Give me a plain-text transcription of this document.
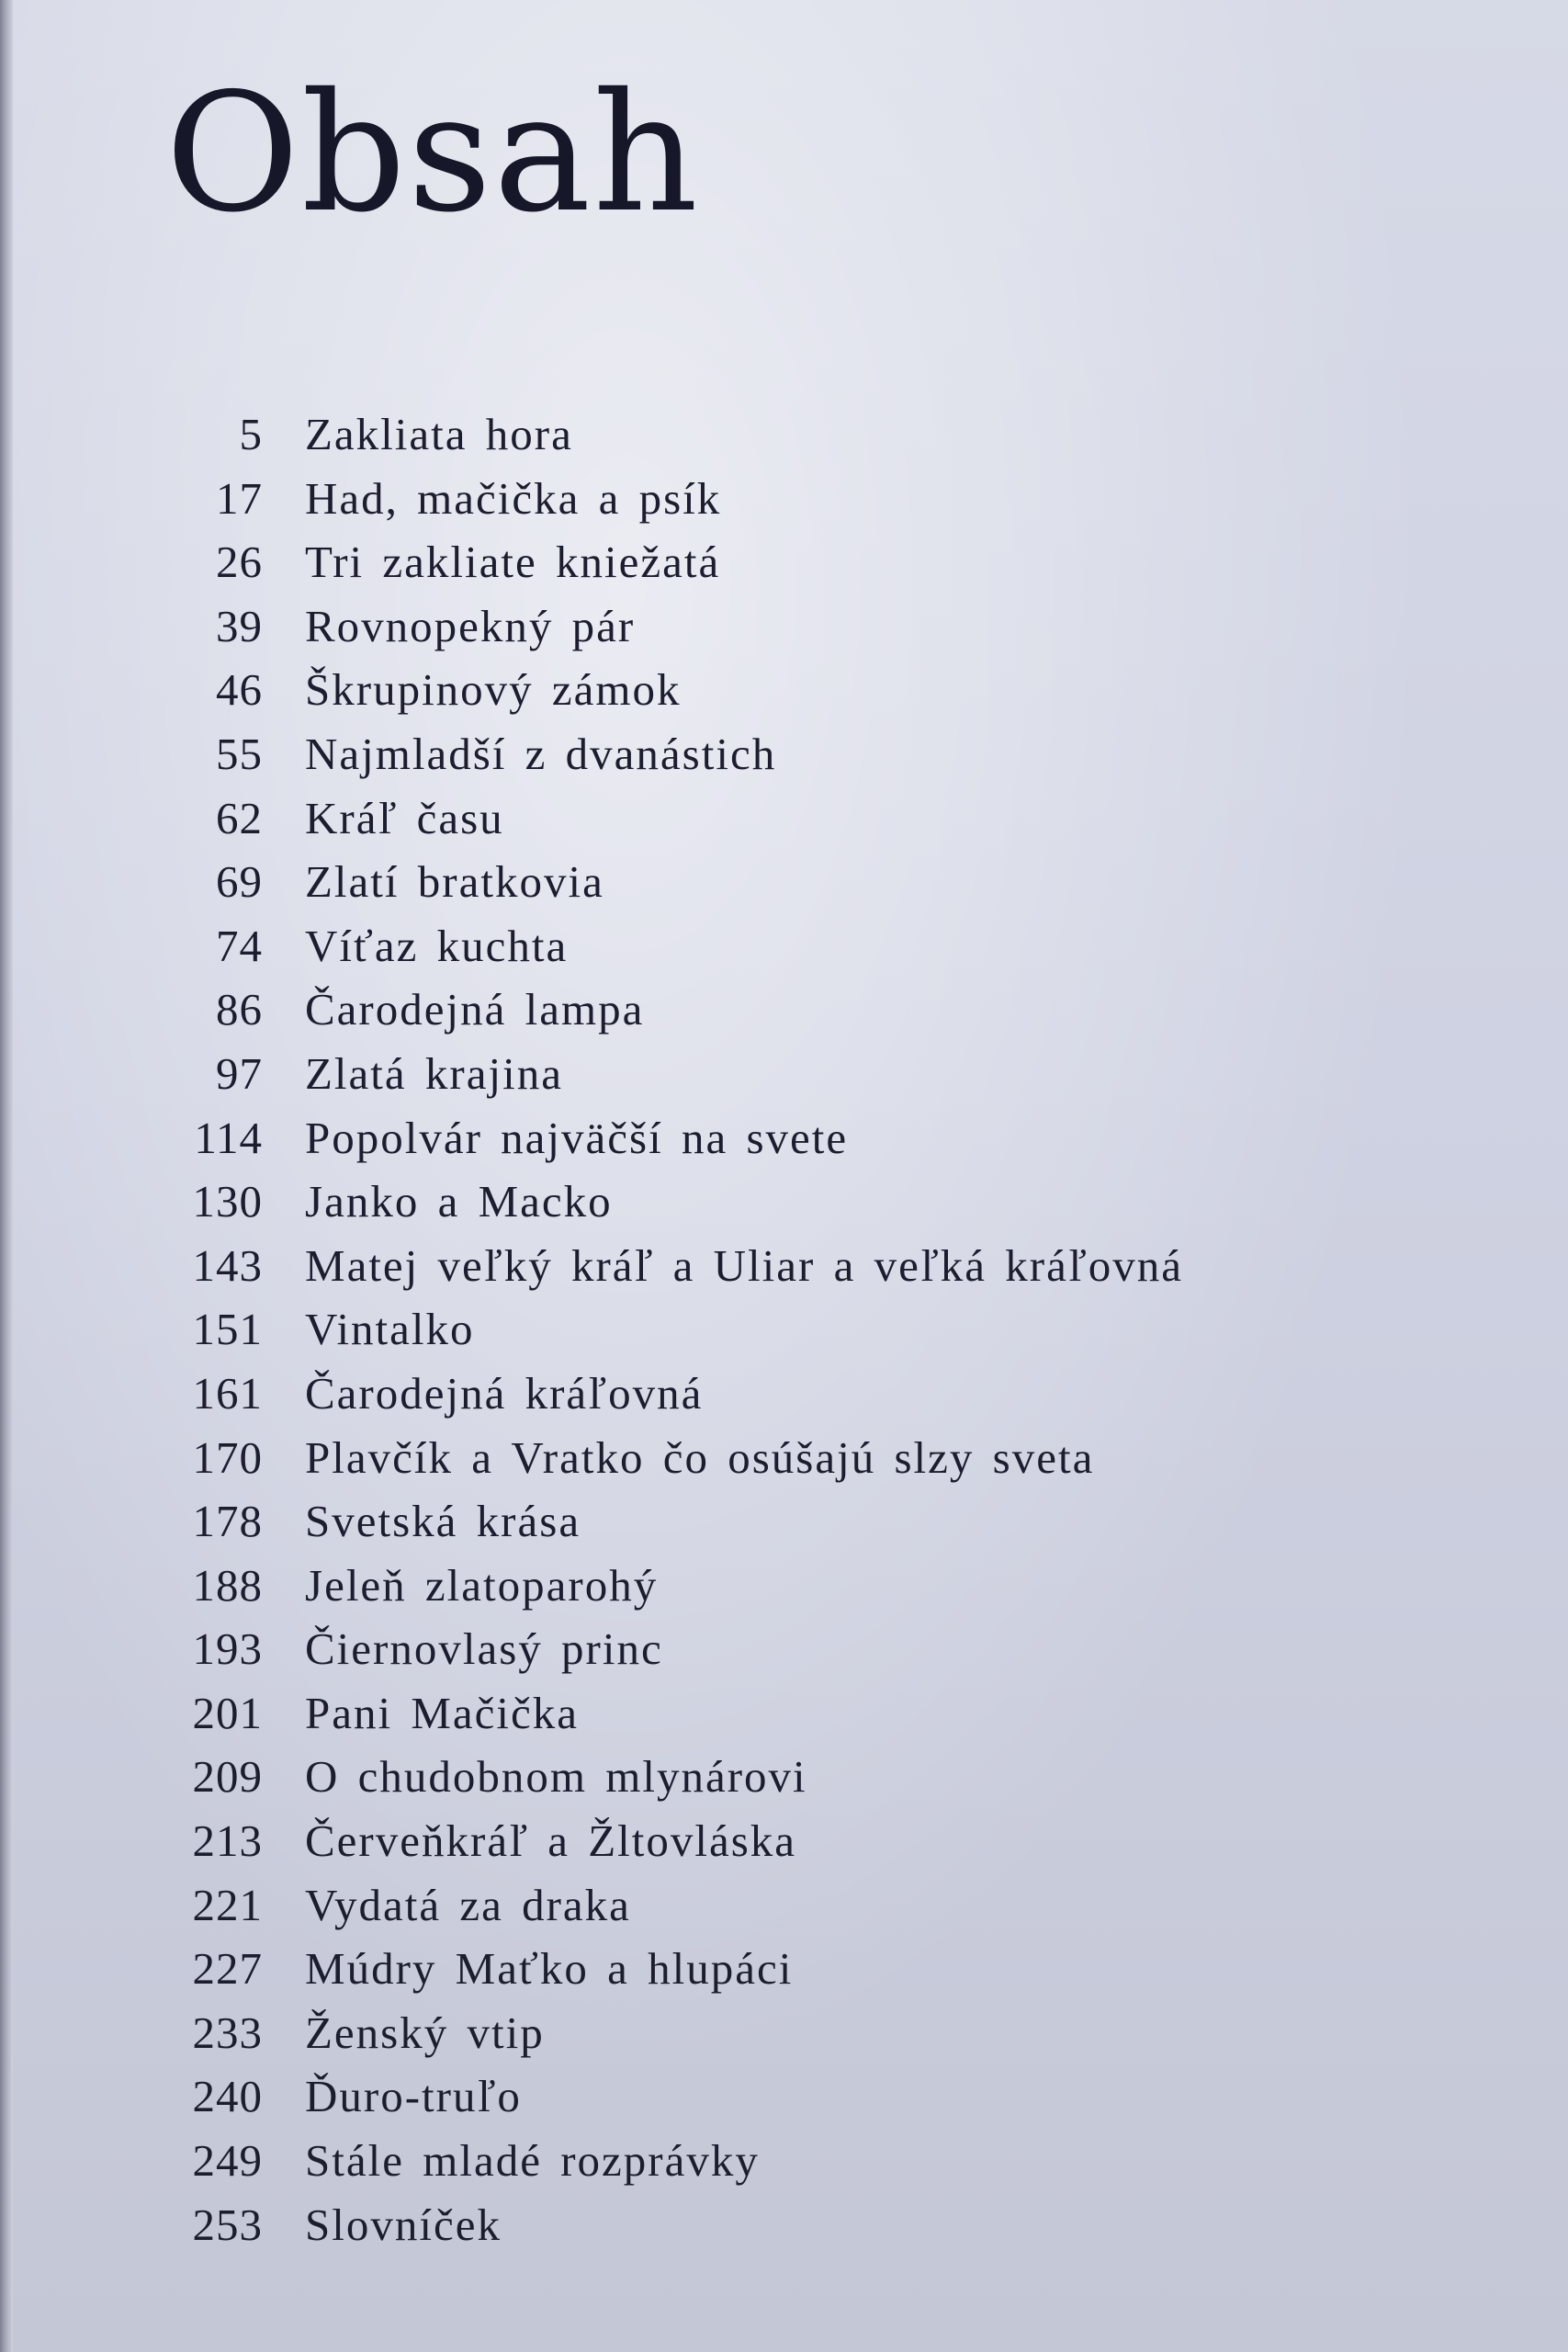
Obsah
5 Zakliata hora
17 Had, mačička a psík
26 Tri zakliate kniežatá
39 Rovnopekný pár
46 Škrupinový zámok
55 Najmladší z dvanástich
62 Kráľ času
69 Zlatí bratkovia
74 Víťaz kuchta
86 Čarodejná lampa
97 Zlatá krajina
114 Popolvár najväčší na svete
130 Janko a Macko
143 Matej veľký kráľ a Uliar a veľká kráľovná
151 Vintalko
161 Čarodejná kráľovná
170 Plavčík a Vratko čo osúšajú slzy sveta
178 Svetská krása
188 Jeleň zlatoparohý
193 Čiernovlasý princ
201 Pani Mačička
209 O chudobnom mlynárovi
213 Červeňkráľ a Žltovláska
221 Vydatá za draka
227 Múdry Maťko a hlupáci
233 Ženský vtip
240 Ďuro-truľo
249 Stále mladé rozprávky
253 Slovníček
